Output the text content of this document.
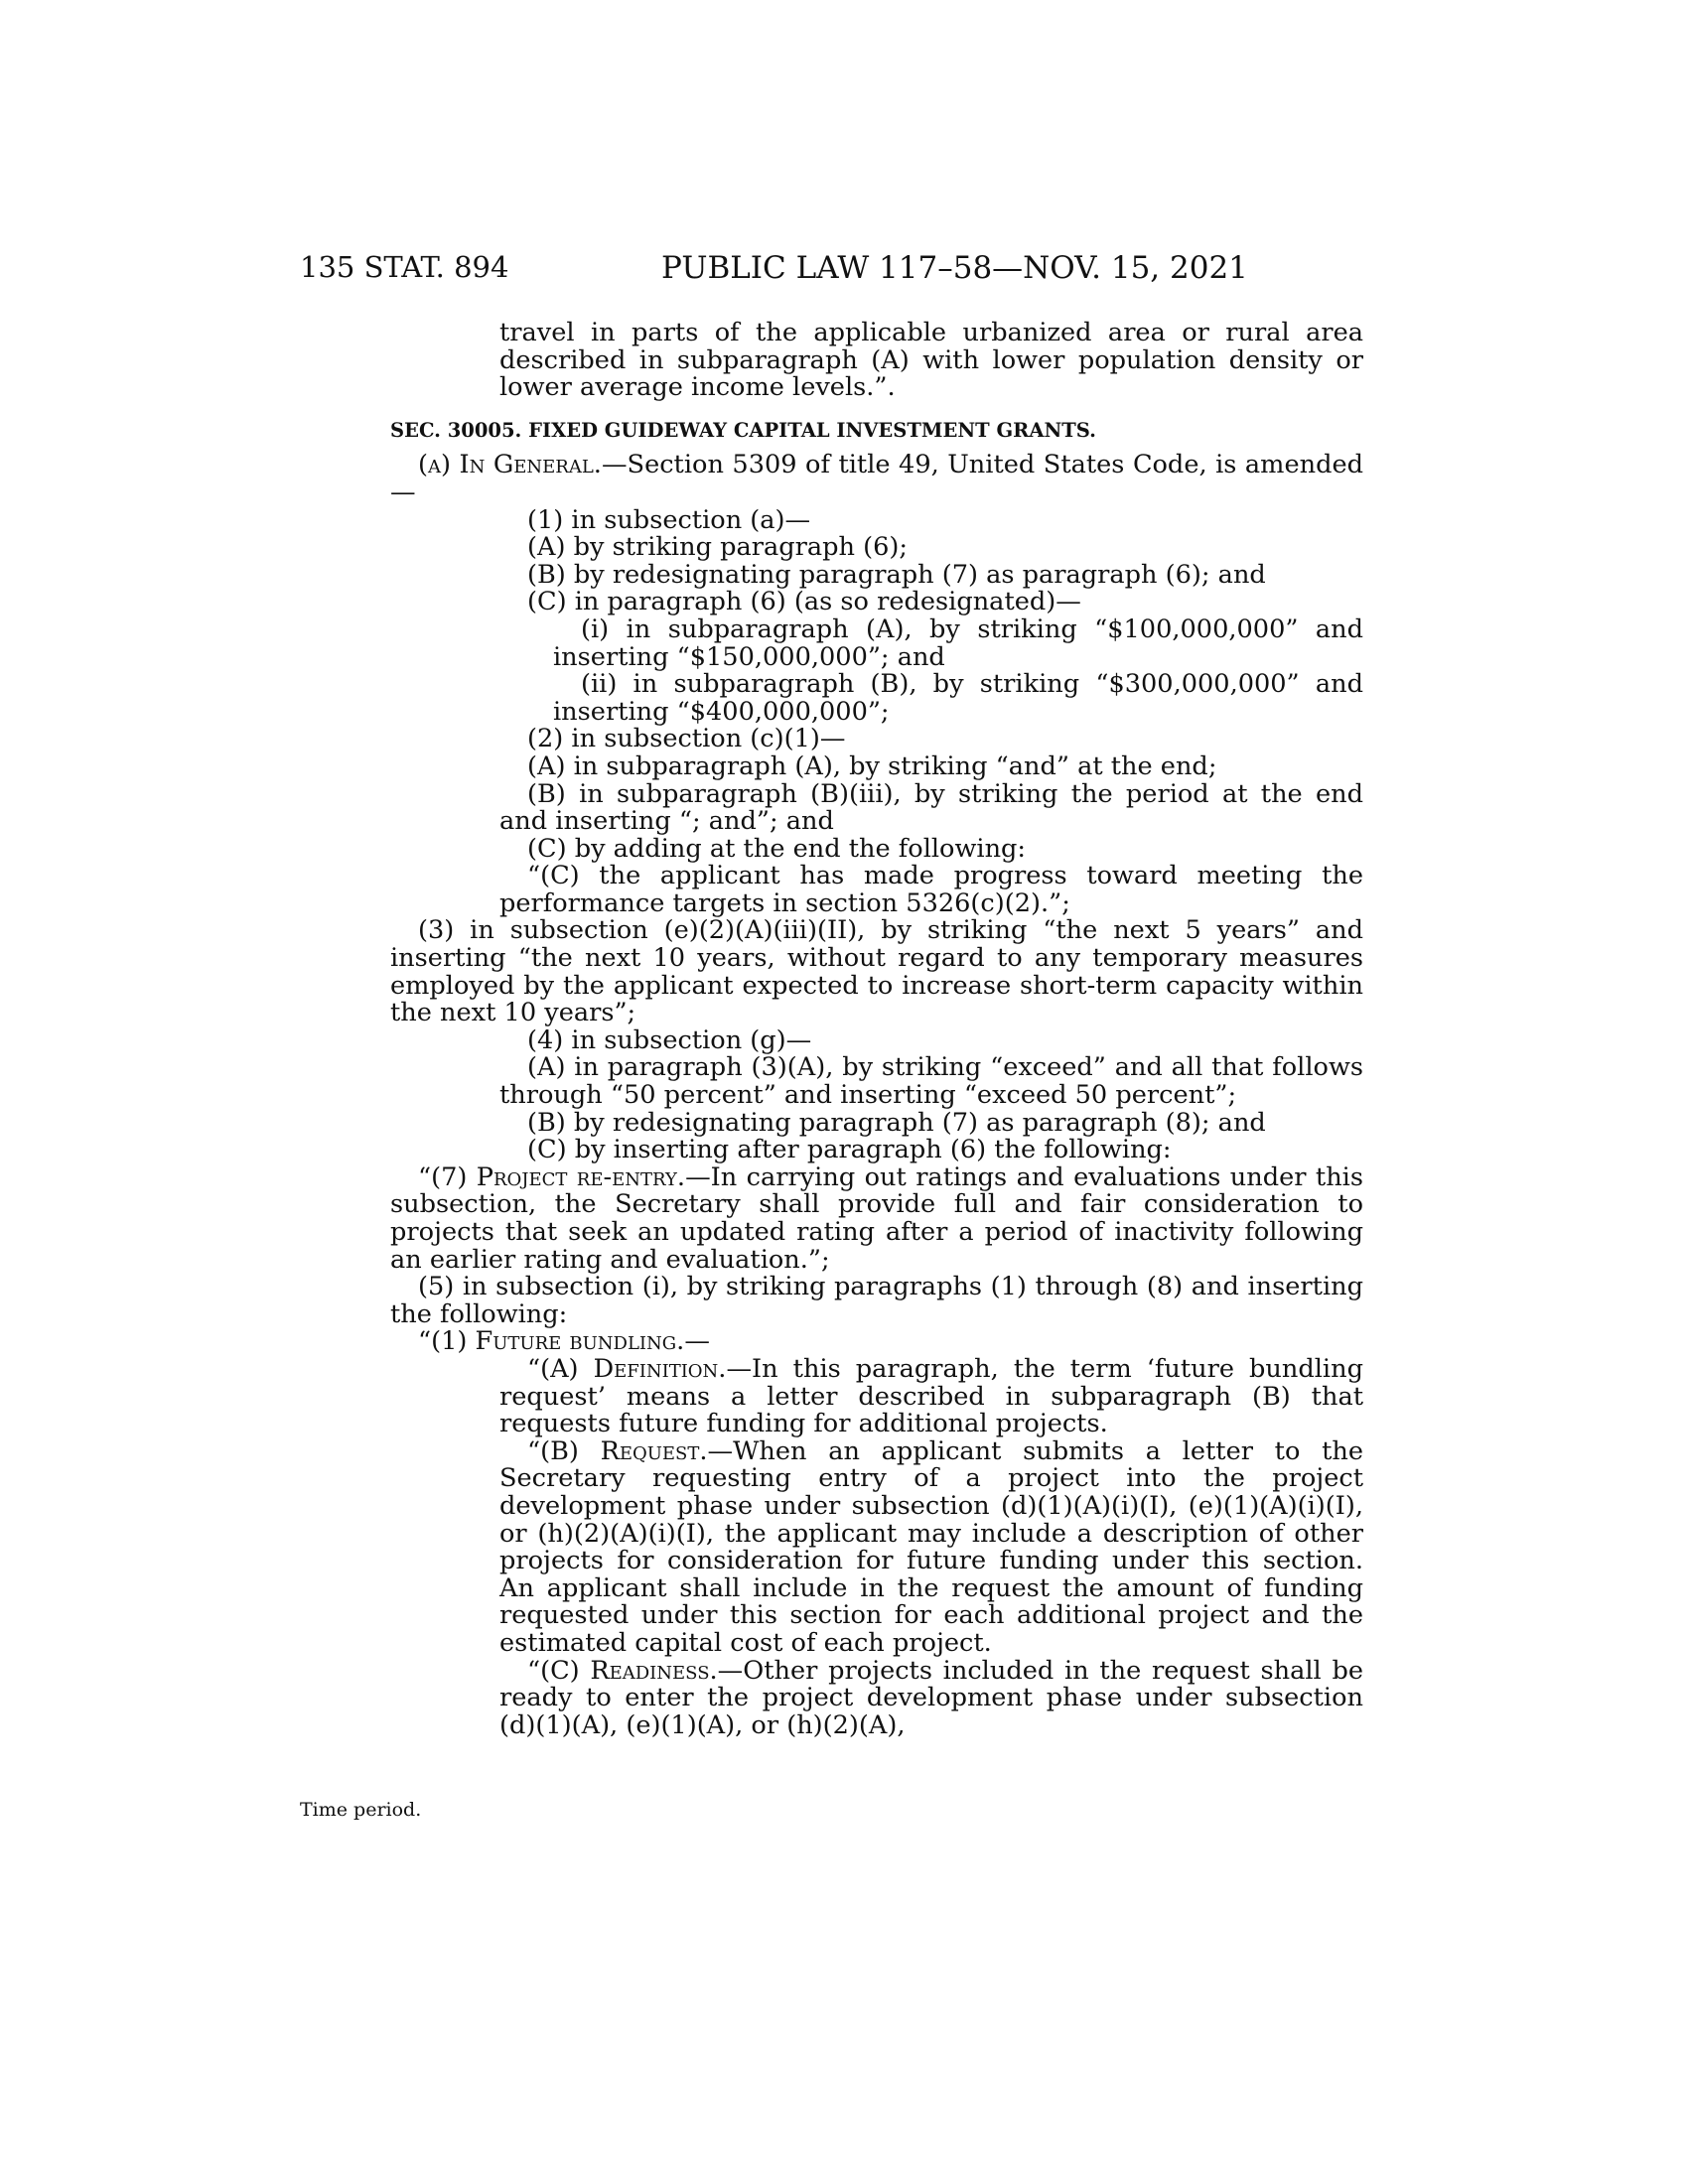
135 STAT. 894	PUBLIC LAW 117–58—NOV. 15, 2021
Time period.

travel in parts of the applicable urbanized area or rural area described in subparagraph (A) with lower population density or lower average income levels.”.

SEC. 30005. FIXED GUIDEWAY CAPITAL INVESTMENT GRANTS.

(a) In General.—Section 5309 of title 49, United States Code, is amended—

(1) in subsection (a)—

(A) by striking paragraph (6);

(B) by redesignating paragraph (7) as paragraph (6); and

(C) in paragraph (6) (as so redesignated)—

(i) in subparagraph (A), by striking “$100,000,000” and inserting “$150,000,000”; and

(ii) in subparagraph (B), by striking “$300,000,000” and inserting “$400,000,000”;

(2) in subsection (c)(1)—

(A) in subparagraph (A), by striking “and” at the end;

(B) in subparagraph (B)(iii), by striking the period at the end and inserting “; and”; and

(C) by adding at the end the following:

“(C) the applicant has made progress toward meeting the performance targets in section 5326(c)(2).”;

(3) in subsection (e)(2)(A)(iii)(II), by striking “the next 5 years” and inserting “the next 10 years, without regard to any temporary measures employed by the applicant expected to increase short-term capacity within the next 10 years”;

(4) in subsection (g)—

(A) in paragraph (3)(A), by striking “exceed” and all that follows through “50 percent” and inserting “exceed 50 percent”;

(B) by redesignating paragraph (7) as paragraph (8); and

(C) by inserting after paragraph (6) the following:

“(7) Project re-entry.—In carrying out ratings and evaluations under this subsection, the Secretary shall provide full and fair consideration to projects that seek an updated rating after a period of inactivity following an earlier rating and evaluation.”;

(5) in subsection (i), by striking paragraphs (1) through (8) and inserting the following:

“(1) Future bundling.—

“(A) Definition.—In this paragraph, the term ‘future bundling request’ means a letter described in subparagraph (B) that requests future funding for additional projects.

“(B) Request.—When an applicant submits a letter to the Secretary requesting entry of a project into the project development phase under subsection (d)(1)(A)(i)(I), (e)(1)(A)(i)(I), or (h)(2)(A)(i)(I), the applicant may include a description of other projects for consideration for future funding under this section. An applicant shall include in the request the amount of funding requested under this section for each additional project and the estimated capital cost of each project.

“(C) Readiness.—Other projects included in the request shall be ready to enter the project development phase under subsection (d)(1)(A), (e)(1)(A), or (h)(2)(A),
